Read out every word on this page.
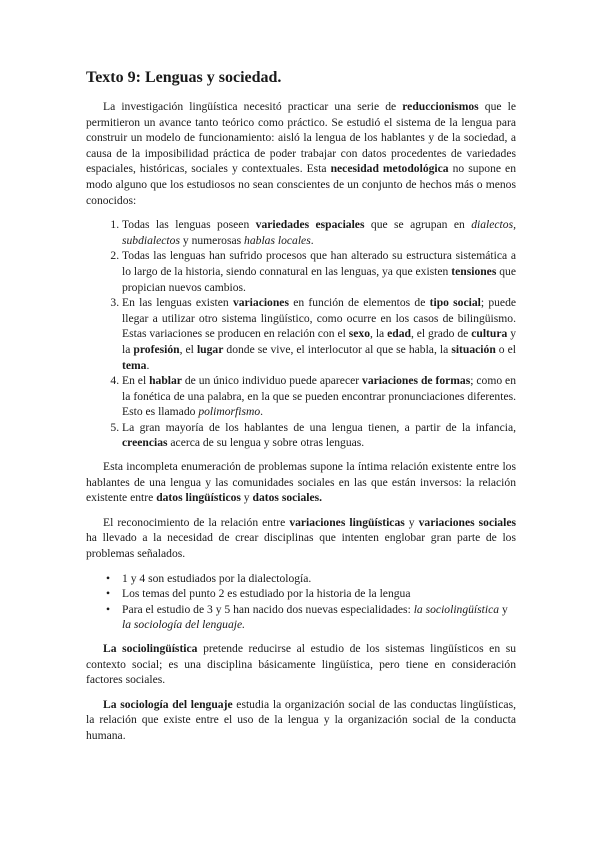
Texto 9: Lenguas y sociedad.

La investigación lingüística necesitó practicar una serie de reduccionismos que le permitieron un avance tanto teórico como práctico. Se estudió el sistema de la lengua para construir un modelo de funcionamiento: aisló la lengua de los hablantes y de la sociedad, a causa de la imposibilidad práctica de poder trabajar con datos procedentes de variedades espaciales, históricas, sociales y contextuales. Esta necesidad metodológica no supone en modo alguno que los estudiosos no sean conscientes de un conjunto de hechos más o menos conocidos:

1. Todas las lenguas poseen variedades espaciales que se agrupan en dialectos, subdialectos y numerosas hablas locales.
2. Todas las lenguas han sufrido procesos que han alterado su estructura sistemática a lo largo de la historia, siendo connatural en las lenguas, ya que existen tensiones que propician nuevos cambios.
3. En las lenguas existen variaciones en función de elementos de tipo social; puede llegar a utilizar otro sistema lingüístico, como ocurre en los casos de bilingüismo. Estas variaciones se producen en relación con el sexo, la edad, el grado de cultura y la profesión, el lugar donde se vive, el interlocutor al que se habla, la situación o el tema.
4. En el hablar de un único individuo puede aparecer variaciones de formas; como en la fonética de una palabra, en la que se pueden encontrar pronunciaciones diferentes. Esto es llamado polimorfismo.
5. La gran mayoría de los hablantes de una lengua tienen, a partir de la infancia, creencias acerca de su lengua y sobre otras lenguas.

Esta incompleta enumeración de problemas supone la íntima relación existente entre los hablantes de una lengua y las comunidades sociales en las que están inversos: la relación existente entre datos lingüísticos y datos sociales.

El reconocimiento de la relación entre variaciones lingüísticas y variaciones sociales ha llevado a la necesidad de crear disciplinas que intenten englobar gran parte de los problemas señalados.

• 1 y 4 son estudiados por la dialectología.
• Los temas del punto 2 es estudiado por la historia de la lengua
• Para el estudio de 3 y 5 han nacido dos nuevas especialidades: la sociolingüística y la sociología del lenguaje.

La sociolingüística pretende reducirse al estudio de los sistemas lingüísticos en su contexto social; es una disciplina básicamente lingüística, pero tiene en consideración factores sociales.

La sociología del lenguaje estudia la organización social de las conductas lingüísticas, la relación que existe entre el uso de la lengua y la organización social de la conducta humana.
